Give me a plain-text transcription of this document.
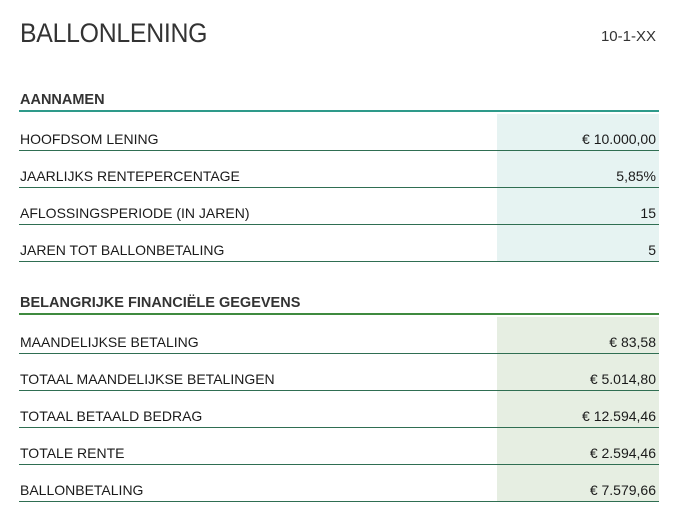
BALLONLENING	10-1-XX
AANNAMEN
HOOFDSOM LENING	€ 10.000,00
JAARLIJKS RENTEPERCENTAGE	5,85%
AFLOSSINGSPERIODE (IN JAREN)	15
JAREN TOT BALLONBETALING	5
BELANGRIJKE FINANCIËLE GEGEVENS
MAANDELIJKSE BETALING	€ 83,58
TOTAAL MAANDELIJKSE BETALINGEN	€ 5.014,80
TOTAAL BETAALD BEDRAG	€ 12.594,46
TOTALE RENTE	€ 2.594,46
BALLONBETALING	€ 7.579,66
